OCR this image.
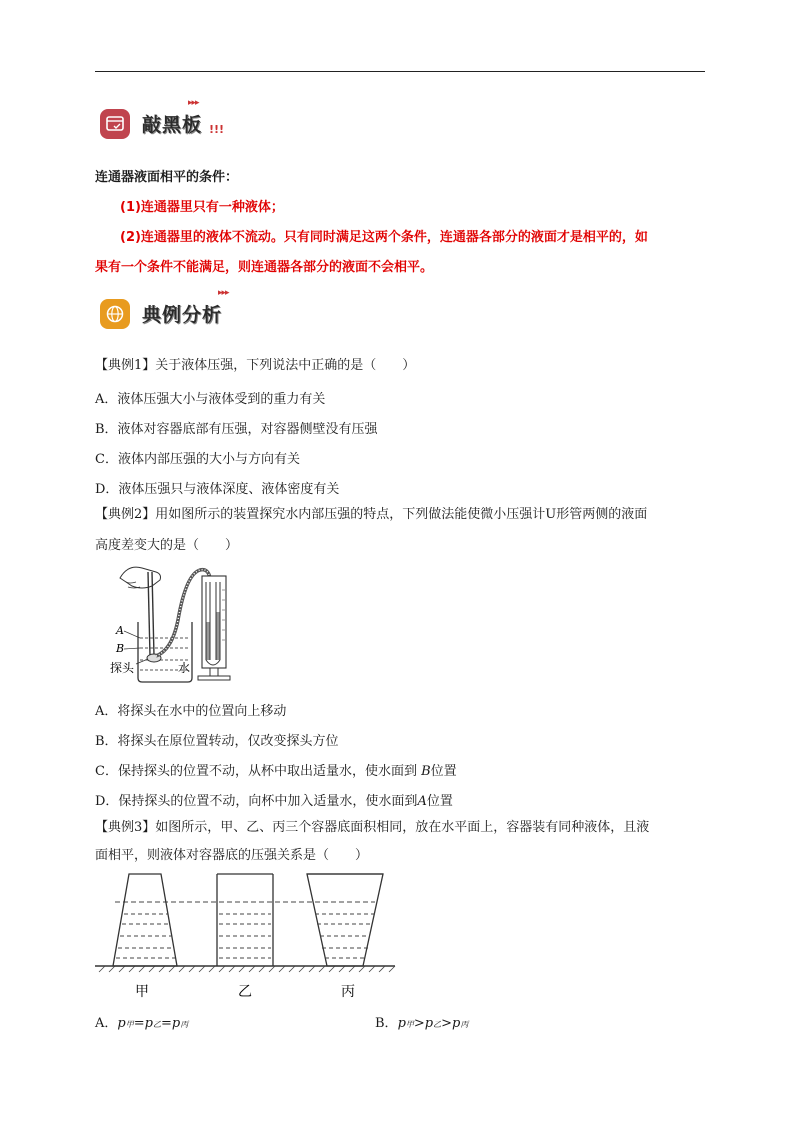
敲黑板 !!!
▸▸▸
连通器液面相平的条件：
(1)连通器里只有一种液体；
(2)连通器里的液体不流动。只有同时满足这两个条件，连通器各部分的液面才是相平的，如
果有一个条件不能满足，则连通器各部分的液面不会相平。
典例分析
▸▸▸
【典例1】关于液体压强，下列说法中正确的是（　　）
A．液体压强大小与液体受到的重力有关
B．液体对容器底部有压强，对容器侧壁没有压强
C．液体内部压强的大小与方向有关
D．液体压强只与液体深度、液体密度有关
【典例2】用如图所示的装置探究水内部压强的特点，下列做法能使微小压强计U形管两侧的液面
高度差变大的是（　　）
A
B
探头	水
A．将探头在水中的位置向上移动
B．将探头在原位置转动，仅改变探头方位
C．保持探头的位置不动，从杯中取出适量水，使水面到 B位置
D．保持探头的位置不动，向杯中加入适量水，使水面到A位置
【典例3】如图所示，甲、乙、丙三个容器底面积相同，放在水平面上，容器装有同种液体，且液
面相平，则液体对容器底的压强关系是（　　）
甲	乙	丙
A．p甲=p乙=p丙	B．p甲>p乙>p丙
